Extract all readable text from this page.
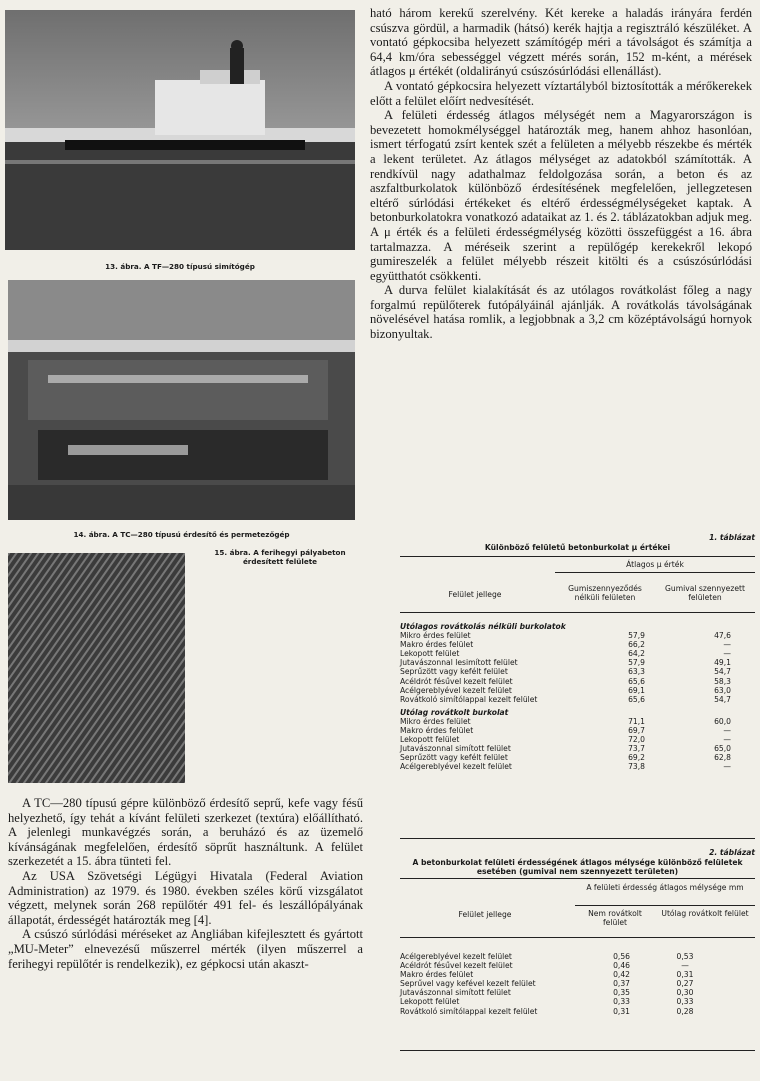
13. ábra. A TF—280 típusú simítógép
14. ábra. A TC—280 típusú érdesítő és permetezőgép
15. ábra. A ferihegyi pályabeton érdesített felülete

A TC—280 típusú gépre különböző érdesítő seprű, kefe vagy fésű helyezhető, így tehát a kívánt felületi szerkezet (textúra) előállítható. A jelenlegi munkavégzés során, a beruházó és az üzemelő kívánságának megfelelően, érdesítő söprűt használtunk. A felület szerkezetét a 15. ábra tünteti fel.

Az USA Szövetségi Légügyi Hivatala (Federal Aviation Administration) az 1979. és 1980. években széles körű vizsgálatot végzett, melynek során 268 repülőtér 491 fel- és leszállópályának állapotát, érdességét határozták meg [4].

A csúszó súrlódási méréseket az Angliában kifejlesztett és gyártott „MU-Meter” elnevezésű műszerrel mérték (ilyen műszerrel a ferihegyi repülőtér is rendelkezik), ez gépkocsi után akaszt-

ható három kerekű szerelvény. Két kereke a haladás irányára ferdén csúszva gördül, a harmadik (hátsó) kerék hajtja a regisztráló készüléket. A vontató gépkocsiba helyezett számítógép méri a távolságot és számítja a 64,4 km/óra sebességgel végzett mérés során, 152 m-ként, a mérések átlagos μ értékét (oldalirányú csúszósúrlódási ellenállást).

A vontató gépkocsira helyezett víztartályból biztosították a mérőkerekek előtt a felület előírt nedvesítését.

A felületi érdesség átlagos mélységét nem a Magyarországon is bevezetett homokmélységgel határozták meg, hanem ahhoz hasonlóan, ismert térfogatú zsírt kentek szét a felületen a mélyebb részekbe és mérték a lekent területet. Az átlagos mélységet az adatokból számították. A rendkívül nagy adathalmaz feldolgozása során, a beton és az aszfaltburkolatok különböző érdesítésének megfelelően, jellegzetesen eltérő súrlódási értékeket és eltérő érdességmélységeket kaptak. A betonburkolatokra vonatkozó adataikat az 1. és 2. táblázatokban adjuk meg. A μ érték és a felületi érdességmélység közötti összefüggést a 16. ábra tartalmazza. A méréseik szerint a repülőgép kerekekről lekopó gumireszelék a felület mélyebb részeit kitölti és a csúszósúrlódási együtthatót csökkenti.

A durva felület kialakítását és az utólagos rovátkolást főleg a nagy forgalmú repülőterek futópályáinál ajánlják. A rovátkolás távolságának növelésével hatása romlik, a legjobbnak a 3,2 cm középtávolságú hornyok bizonyultak.

1. táblázat
Különböző felületű betonburkolat μ értékei
Átlagos μ érték
Felület jellege
Gumiszennyeződés nélküli felületen
Gumival szennyezett felületen
Utólagos rovátkolás nélküli burkolatok
Mikro érdes felület	57,9	47,6
Makro érdes felület	66,2	—
Lekopott felület	64,2	—
Jutavászonnal lesimított felület	57,9	49,1
Seprűzött vagy kefélt felület	63,3	54,7
Acéldrót fésűvel kezelt felület	65,6	58,3
Acélgereblyével kezelt felület	69,1	63,0
Rovátkoló simítólappal kezelt felület	65,6	54,7
Utólag rovátkolt burkolat
Mikro érdes felület	71,1	60,0
Makro érdes felület	69,7	—
Lekopott felület	72,0	—
Jutavászonnal simított felület	73,7	65,0
Seprűzött vagy kefélt felület	69,2	62,8
Acélgereblyével kezelt felület	73,8	—
2. táblázat
A betonburkolat felületi érdességének átlagos mélysége különböző felületek esetében (gumival nem szennyezett területen)
A felületi érdesség átlagos mélysége mm
Felület jellege	Nem rovátkolt felület
Utólag rovátkolt felület
Acélgereblyével kezelt felület	0,56	0,53
Acéldrót fésűvel kezelt felület	0,46	—
Makro érdes felület	0,42	0,31
Seprűvel vagy kefével kezelt felület	0,37	0,27
Jutavászonnal simított felület	0,35	0,30
Lekopott felület	0,33	0,33
Rovátkoló simítólappal kezelt felület	0,31	0,28
